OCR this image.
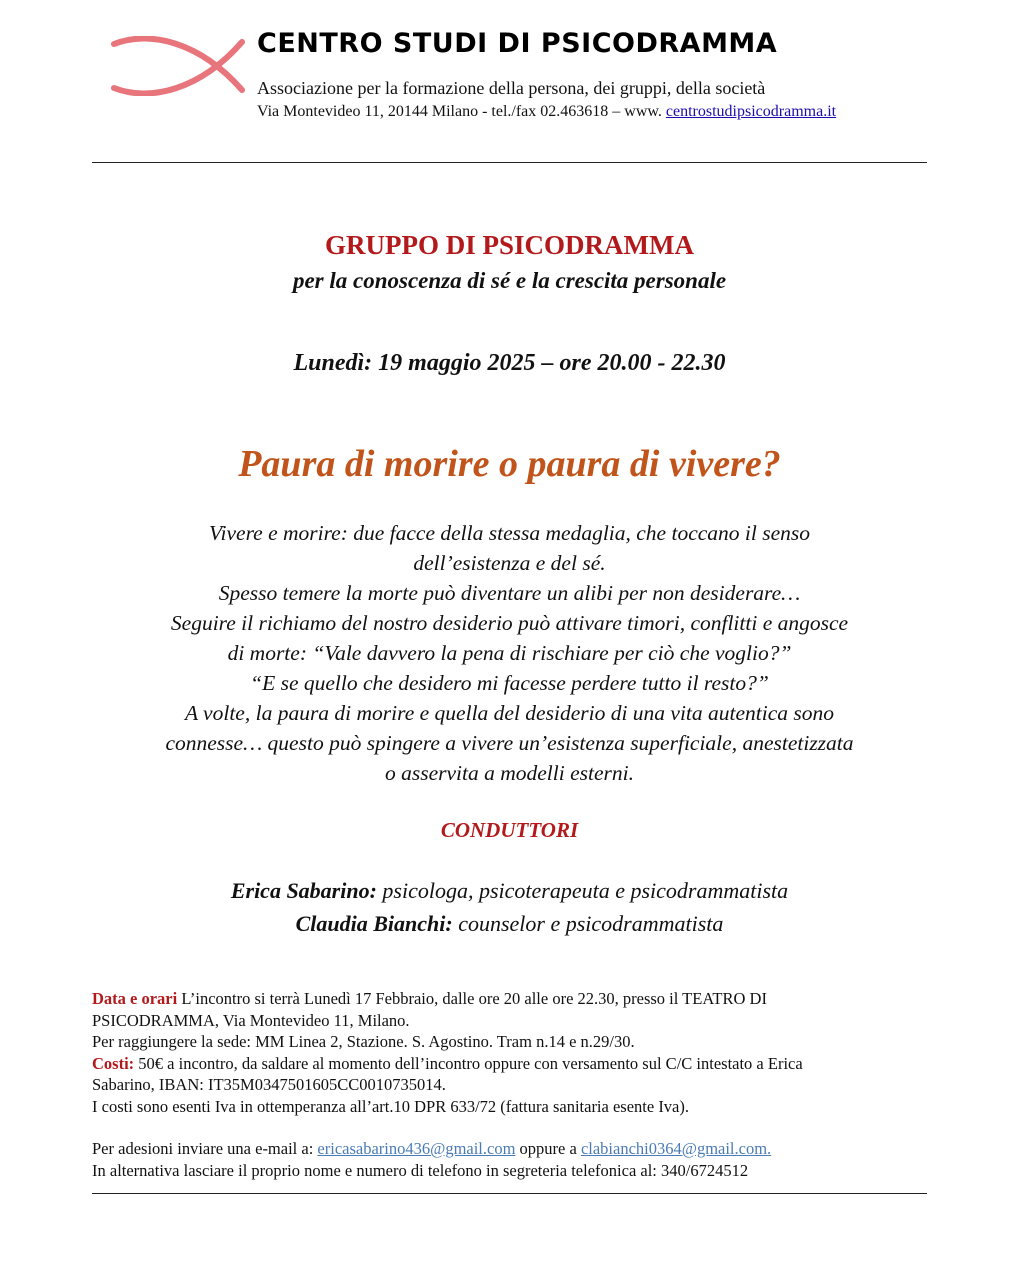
CENTRO STUDI DI PSICODRAMMA
Associazione per la formazione della persona, dei gruppi, della società
Via Montevideo 11, 20144 Milano - tel./fax 02.463618 – www. centrostudipsicodramma.it
GRUPPO DI PSICODRAMMA
per la conoscenza di sé e la crescita personale
Lunedì: 19 maggio 2025 – ore 20.00 - 22.30
Paura di morire o paura di vivere?
Vivere e morire: due facce della stessa medaglia, che toccano il senso
dell’esistenza e del sé.
Spesso temere la morte può diventare un alibi per non desiderare…
Seguire il richiamo del nostro desiderio può attivare timori, conflitti e angosce
di morte: “Vale davvero la pena di rischiare per ciò che voglio?”
“E se quello che desidero mi facesse perdere tutto il resto?”
A volte, la paura di morire e quella del desiderio di una vita autentica sono
connesse… questo può spingere a vivere un’esistenza superficiale, anestetizzata
o asservita a modelli esterni.
CONDUTTORI
Erica Sabarino: psicologa, psicoterapeuta e psicodrammatista
Claudia Bianchi: counselor e psicodrammatista
Data e orari L’incontro si terrà Lunedì 17 Febbraio, dalle ore 20 alle ore 22.30, presso il TEATRO DI
PSICODRAMMA, Via Montevideo 11, Milano.
Per raggiungere la sede: MM Linea 2, Stazione. S. Agostino. Tram n.14 e n.29/30.
Costi: 50€ a incontro, da saldare al momento dell’incontro oppure con versamento sul C/C intestato a Erica
Sabarino, IBAN: IT35M0347501605CC0010735014.
I costi sono esenti Iva in ottemperanza all’art.10 DPR 633/72 (fattura sanitaria esente Iva).
Per adesioni inviare una e-mail a: ericasabarino436@gmail.com oppure a clabianchi0364@gmail.com.
In alternativa lasciare il proprio nome e numero di telefono in segreteria telefonica al: 340/6724512
